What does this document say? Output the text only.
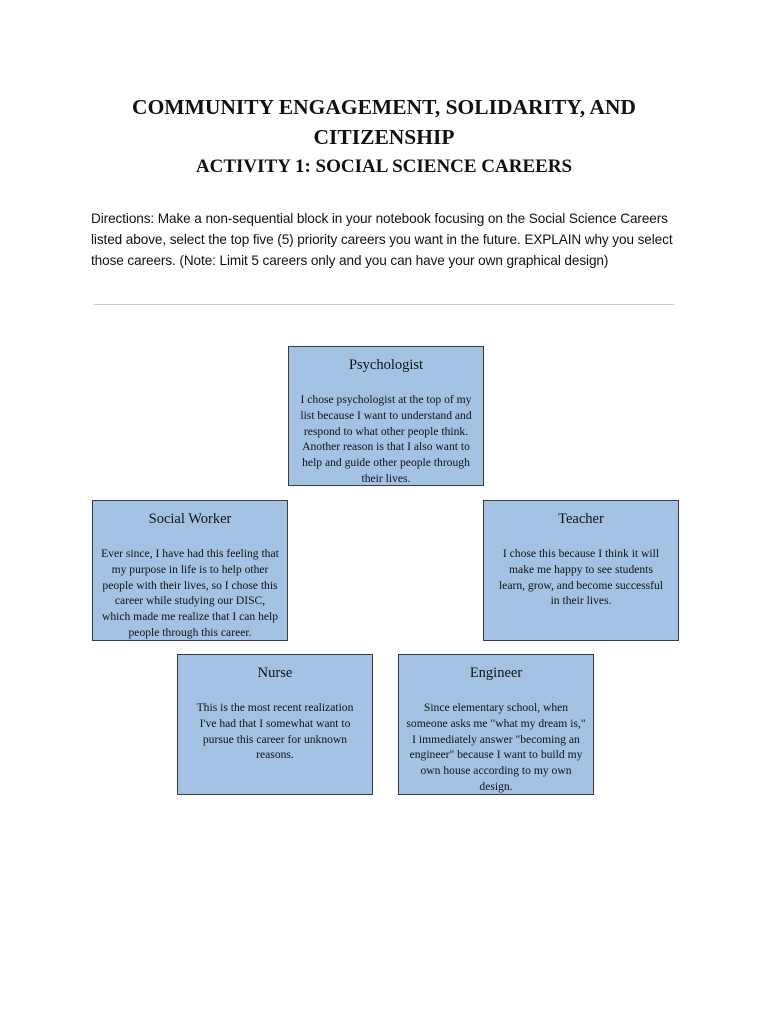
COMMUNITY ENGAGEMENT, SOLIDARITY, AND CITIZENSHIP
ACTIVITY 1: SOCIAL SCIENCE CAREERS

Directions: Make a non-sequential block in your notebook focusing on the Social Science Careers listed above, select the top five (5) priority careers you want in the future. EXPLAIN why you select those careers. (Note: Limit 5 careers only and you can have your own graphical design)

Psychologist
I chose psychologist at the top of my list because I want to understand and respond to what other people think. Another reason is that I also want to help and guide other people through their lives.
Social Worker
Ever since, I have had this feeling that my purpose in life is to help other people with their lives, so I chose this career while studying our DISC, which made me realize that I can help people through this career.
Teacher
I chose this because I think it will make me happy to see students learn, grow, and become successful in their lives.
Nurse
This is the most recent realization I've had that I somewhat want to pursue this career for unknown reasons.
Engineer
Since elementary school, when someone asks me "what my dream is," I immediately answer "becoming an engineer" because I want to build my own house according to my own design.
